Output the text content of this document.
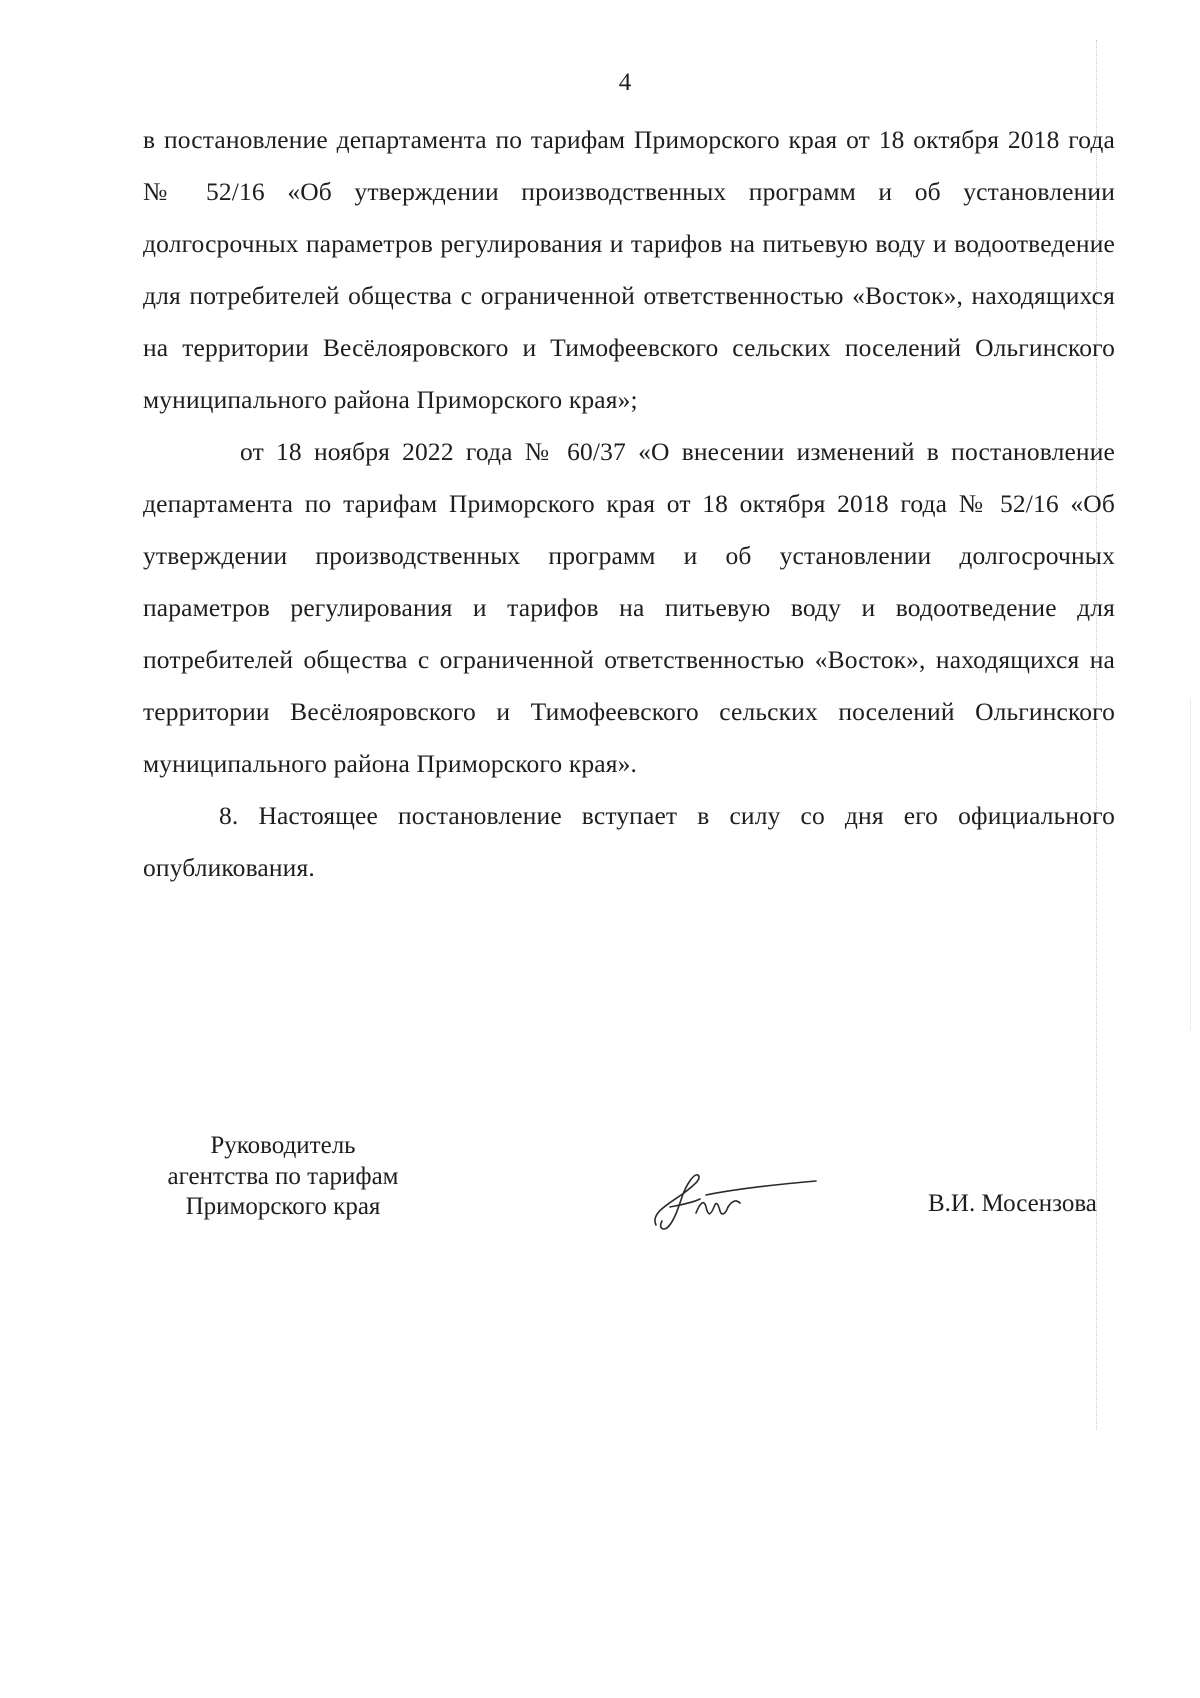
4

в постановление департамента по тарифам Приморского края от 18 октября 2018 года № 52/16 «Об утверждении производственных программ и об установлении долгосрочных параметров регулирования и тарифов на питьевую воду и водоотведение для потребителей общества с ограниченной ответственностью «Восток», находящихся на территории Весёлояровского и Тимофеевского сельских поселений Ольгинского муниципального района Приморского края»;

от 18 ноября 2022 года № 60/37 «О внесении изменений в постановление департамента по тарифам Приморского края от 18 октября 2018 года № 52/16 «Об утверждении производственных программ и об установлении долгосрочных параметров регулирования и тарифов на питьевую воду и водоотведение для потребителей общества с ограниченной ответственностью «Восток», находящихся на территории Весёлояровского и Тимофеевского сельских поселений Ольгинского муниципального района Приморского края».

8. Настоящее постановление вступает в силу со дня его официального опубликования.

Руководитель
агентства по тарифам
Приморского края	В.И. Мосензова
